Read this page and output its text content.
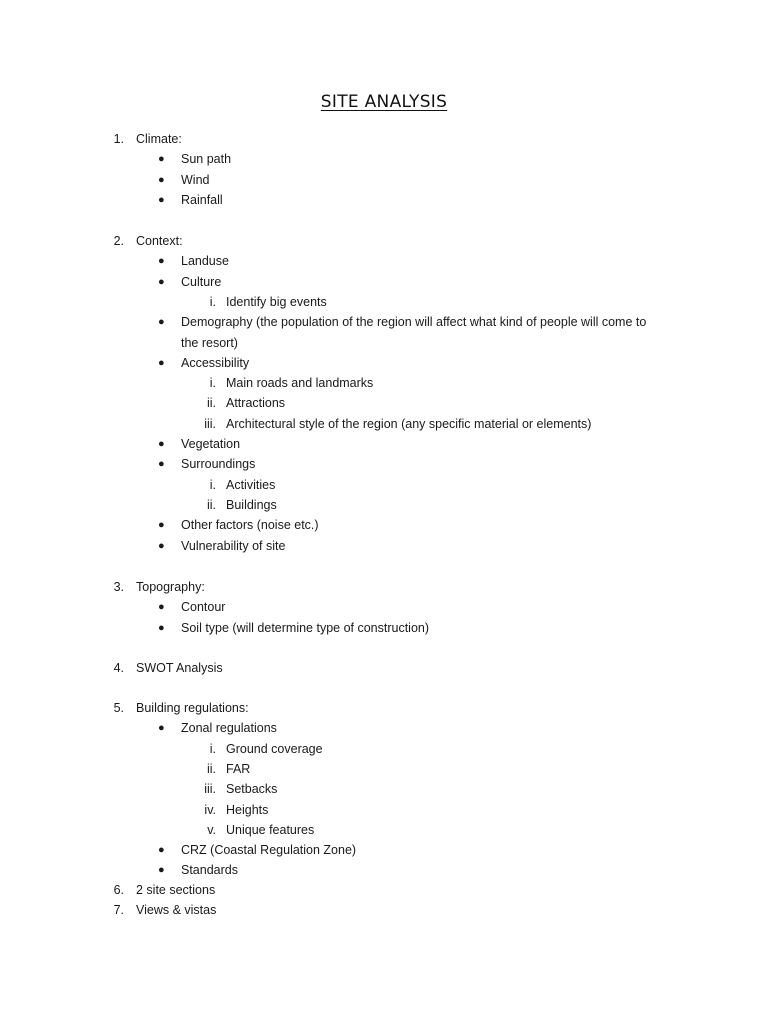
SITE ANALYSIS
1. Climate:
● Sun path
● Wind
● Rainfall
2. Context:
● Landuse
● Culture
i. Identify big events
● Demography (the population of the region will affect what kind of people will come to
the resort)
● Accessibility
i. Main roads and landmarks
ii. Attractions
iii. Architectural style of the region (any specific material or elements)
● Vegetation
● Surroundings
i. Activities
ii. Buildings
● Other factors (noise etc.)
● Vulnerability of site
3. Topography:
● Contour
● Soil type (will determine type of construction)
4. SWOT Analysis
5. Building regulations:
● Zonal regulations
i. Ground coverage
ii. FAR
iii. Setbacks
iv. Heights
v. Unique features
● CRZ (Coastal Regulation Zone)
● Standards
6. 2 site sections
7. Views & vistas
